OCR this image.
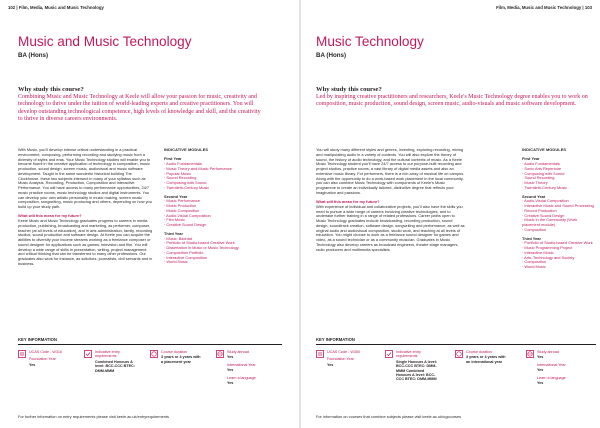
102 | Film, Media, Music and Music Technology
Music and Music Technology
BA (Hons)
Why study this course?
Combining Music and Music Technology at Keele will allow your passion for music, creativity and technology to thrive under the tuition of world-leading experts and creative practitioners. You will develop outstanding technological competence, high levels of knowledge and skill, and the creativity to thrive in diverse careers environments.

With Music, you'll develop intense critical understanding in a practical environment, composing, performing recording and studying music from a diversity of styles and eras. Your Music Technology studies will enable you to become fluent in the creative application of technology in composition, music production, sound design, screen music, audiovisual and music software development. Taught in the same wonderful historical building The Clockhouse, these two subjects intersect in many of your syllabus such as Music Analysis, Recording, Production, Composition and Interactive Performance. You will have access to many performance opportunities, 24/7 music practice rooms, music technology studios and digital instruments. You can develop your own artistic personality in music making, screen music composition, songwriting, music producing and others, depending on how you build up your study path.

What will this mean for my future?

Keele Music and Music Technology graduates progress to careers in media production, publishing, broadcasting and marketing, as performer, composer, teacher (at all levels of education), and in arts administration, family, recording studios, sound production and software design. At Keele you can acquire the abilities to diversify your income streams working as a freelance composer or sound designer for applications such as games, television and film. You will develop a wide range of skills in presentation, writing, project management and critical thinking that can be transferred to many other professions. Our graduates also work for instance, as solicitors, journalists, civil servants and in business.

INDICATIVE MODULES
First Year
· Audio Fundamentals
· Music Theory and Music Performance
· Popular Music
· Sound Recording
· Composing with Sound
· Twentieth-Century Music
Second Year
· Music Performance
· Music Production
· Music Composition
· Audio-Visual Composition
· Film Music
· Creative Sound Design
Third Year
· Music: Bachfat
· Portfolio of Studio-based Creative Work
· Dissertation in Music or Music Technology
· Composition Portfolio
· Interactive Composition
· World Music
KEY INFORMATION
UCAS Code - W316
Foundation Year
Yes
Indicative entry requirements
Combined Honours A level: BCC-CCC BTEC: DMM-MMM
Course duration
3 years or 4 years with a placement year
Study abroad
Yes
International Year
Yes
Learn a language
Yes
For further information on entry requirements please visit keele.ac.uk/entryrequirements
Film, Media, Music and Music Technology | 103
Music Technology
BA (Hons)
Why study this course?
Led by inspiring creative practitioners and researchers, Keele's Music Technology degree enables you to work on composition, music production, sound design, screen music, audio-visuals and music software development.

You will study many different styles and genres, inventing, exploring recording, mixing and manipulating audio in a variety of contexts. You will also explore the theory of sound, the history of audio technology, and the cultural contexts of music. As a Keele Music Technology student you'll have 24/7 access to our purpose-built recording and project studios, practice rooms, a vast library of digital media assets and also an extensive music library. For performers, there is a rich array of musical life on campus. Along with the opportunity to do a work-based work placement in the local community, you can also combine Music Technology with components of Keele's Music programme to create an individually tailored, distinctive degree that reflects your imagination and passions.

What will this mean for my future?

With experience of individual and collaborative projects, you'll also have the skills you need to pursue a wide range of careers involving creative technologies, and to undertake further training in a range of related professions. Career paths open to Music Technology graduates include broadcasting, recording production, sound design, soundtrack creation, software design, songwriting and performance, as well as original audio and audiovisual composition, studio work, and teaching at all levels of education. You might choose to work as a freelance sound designer for games and video, as a sound technician or as a community musician. Graduates in Music Technology also develop careers as broadcast engineers, theatre stage managers, radio producers and multimedia specialists.

INDICATIVE MODULES
First Year
· Audio Fundamentals
· Sonic Arts Repertoire
· Composing with Sound
· Sound Recording
· Music Theory
· Twentieth-Century Music
Second Year
· Audio-Visual Composition
· Interactive Music and Sound Processing
· Record Production
· Creative Sound Design
· Music in the Community (Work placement module)
· Composition
Third Year
· Portfolio of Studio-based Creative Work
· Music Programming Project
· Interactive Music
· Arts, Technology and Society
· Composition
· World Music
KEY INFORMATION
UCAS Code - W350
Foundation Year
Yes
Indicative entry requirements
Single Honours A level: BCC-CCC BTEC: DMM-MMM Combined Honours A level: BCC-CCC BTEC: DMM-MMM
Course duration
3 years or 4 years with an international year
Study abroad
Yes
International Year
Yes
Learn a language
Yes
For information on courses that combine subjects please visit keele.ac.uk/ugcourses
